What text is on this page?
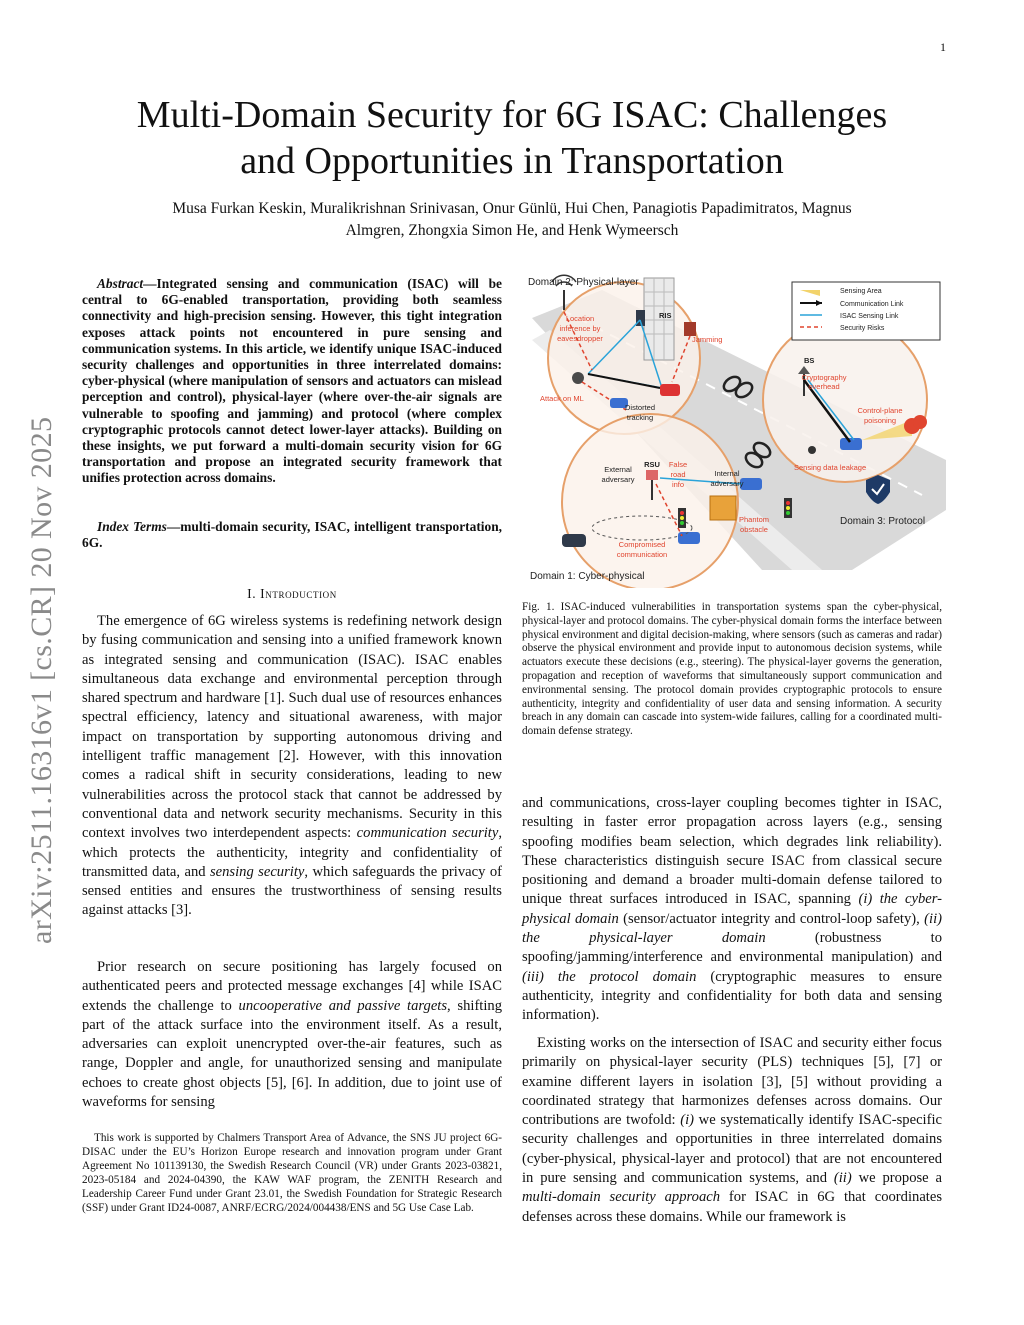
1
arXiv:2511.16316v1 [cs.CR] 20 Nov 2025
Multi-Domain Security for 6G ISAC: Challenges
and Opportunities in Transportation
Musa Furkan Keskin, Muralikrishnan Srinivasan, Onur Günlü, Hui Chen, Panagiotis Papadimitratos, Magnus
Almgren, Zhongxia Simon He, and Henk Wymeersch

Abstract—Integrated sensing and communication (ISAC) will be central to 6G-enabled transportation, providing both seamless connectivity and high-precision sensing. However, this tight integration exposes attack points not encountered in pure sensing and communication systems. In this article, we identify unique ISAC-induced security challenges and opportunities in three interrelated domains: cyber-physical (where manipulation of sensors and actuators can mislead perception and control), physical-layer (where over-the-air signals are vulnerable to spoofing and jamming) and protocol (where complex cryptographic protocols cannot detect lower-layer attacks). Building on these insights, we put forward a multi-domain security vision for 6G transportation and propose an integrated security framework that unifies protection across domains.

Index Terms—multi-domain security, ISAC, intelligent transportation, 6G.

I. Introduction

The emergence of 6G wireless systems is redefining network design by fusing communication and sensing into a unified framework known as integrated sensing and communication (ISAC). ISAC enables simultaneous data exchange and environmental perception through shared spectrum and hardware [1]. Such dual use of resources enhances spectral efficiency, latency and situational awareness, with major impact on transportation by supporting autonomous driving and intelligent traffic management [2]. However, with this innovation comes a radical shift in security considerations, leading to new vulnerabilities across the protocol stack that cannot be addressed by conventional data and network security mechanisms. Security in this context involves two interdependent aspects: communication security, which protects the authenticity, integrity and confidentiality of transmitted data, and sensing security, which safeguards the privacy of sensed entities and ensures the trustworthiness of sensing results against attacks [3].

Prior research on secure positioning has largely focused on authenticated peers and protected message exchanges [4] while ISAC extends the challenge to uncooperative and passive targets, shifting part of the attack surface into the environment itself. As a result, adversaries can exploit unencrypted over-the-air features, such as range, Doppler and angle, for unauthorized sensing and manipulate echoes to create ghost objects [5], [6]. In addition, due to joint use of waveforms for sensing

This work is supported by Chalmers Transport Area of Advance, the SNS JU project 6G-DISAC under the EU’s Horizon Europe research and innovation program under Grant Agreement No 101139130, the Swedish Research Council (VR) under Grants 2023-03821, 2023-05184 and 2024-04390, the KAW WAF program, the ZENITH Research and Leadership Career Fund under Grant 23.01, the Swedish Foundation for Strategic Research (SSF) under Grant ID24-0087, ANRF/ECRG/2024/004438/ENS and 5G Use Case Lab.

Domain 2: Physical-layer
Domain 3: Protocol
Domain 1: Cyber-physical
Sensing Area
Communication Link
ISAC Sensing Link
Security Risks
Location
inference by
eavesdropper	Jamming
Attack on ML
Cryptography
overhead
Control-plane
poisoning
Sensing data leakage
False
road
info
Phantom
obstacle
Compromised
communication
RIS
Distorted
tracking
BS
External
adversary
RSU
Internal
adversary

Fig. 1. ISAC-induced vulnerabilities in transportation systems span the cyber-physical, physical-layer and protocol domains. The cyber-physical domain forms the interface between physical environment and digital decision-making, where sensors (such as cameras and radar) observe the physical environment and provide input to autonomous decision systems, while actuators execute these decisions (e.g., steering). The physical-layer governs the generation, propagation and reception of waveforms that simultaneously support communication and environmental sensing. The protocol domain provides cryptographic protocols to ensure authenticity, integrity and confidentiality of user data and sensing information. A security breach in any domain can cascade into system-wide failures, calling for a coordinated multi-domain defense strategy.

and communications, cross-layer coupling becomes tighter in ISAC, resulting in faster error propagation across layers (e.g., sensing spoofing modifies beam selection, which degrades link reliability). These characteristics distinguish secure ISAC from classical secure positioning and demand a broader multi-domain defense tailored to unique threat surfaces introduced in ISAC, spanning (i) the cyber-physical domain (sensor/actuator integrity and control-loop safety), (ii) the physical-layer domain (robustness to spoofing/jamming/interference and environmental manipulation) and (iii) the protocol domain (cryptographic measures to ensure authenticity, integrity and confidentiality for both data and sensing information).

Existing works on the intersection of ISAC and security either focus primarily on physical-layer security (PLS) techniques [5], [7] or examine different layers in isolation [3], [5] without providing a coordinated strategy that harmonizes defenses across domains. Our contributions are twofold: (i) we systematically identify ISAC-specific security challenges and opportunities in three interrelated domains (cyber-physical, physical-layer and protocol) that are not encountered in pure sensing and communication systems, and (ii) we propose a multi-domain security approach for ISAC in 6G that coordinates defenses across these domains. While our framework is
